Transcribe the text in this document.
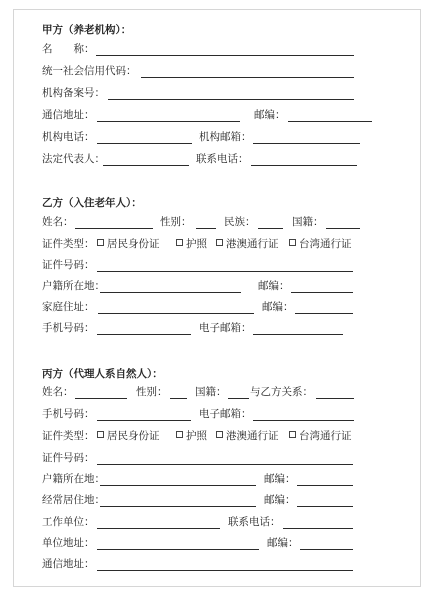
甲方（养老机构）：
名　　称：
统一社会信用代码：
机构备案号：
通信地址：	邮编：
机构电话：	机构邮箱：
法定代表人：	联系电话：
乙方（入住老年人）：
姓名：	性别：	民族：	国籍：
证件类型：	居民身份证	护照	港澳通行证	台湾通行证
证件号码：
户籍所在地：	邮编：
家庭住址：	邮编：
手机号码：	电子邮箱：
丙方（代理人系自然人）：
姓名：	性别：	国籍： 与乙方关系：
手机号码：	电子邮箱：
证件类型：	居民身份证	护照	港澳通行证	台湾通行证
证件号码：
户籍所在地：	邮编：
经常居住地：	邮编：
工作单位：	联系电话：
单位地址：	邮编：
通信地址：
